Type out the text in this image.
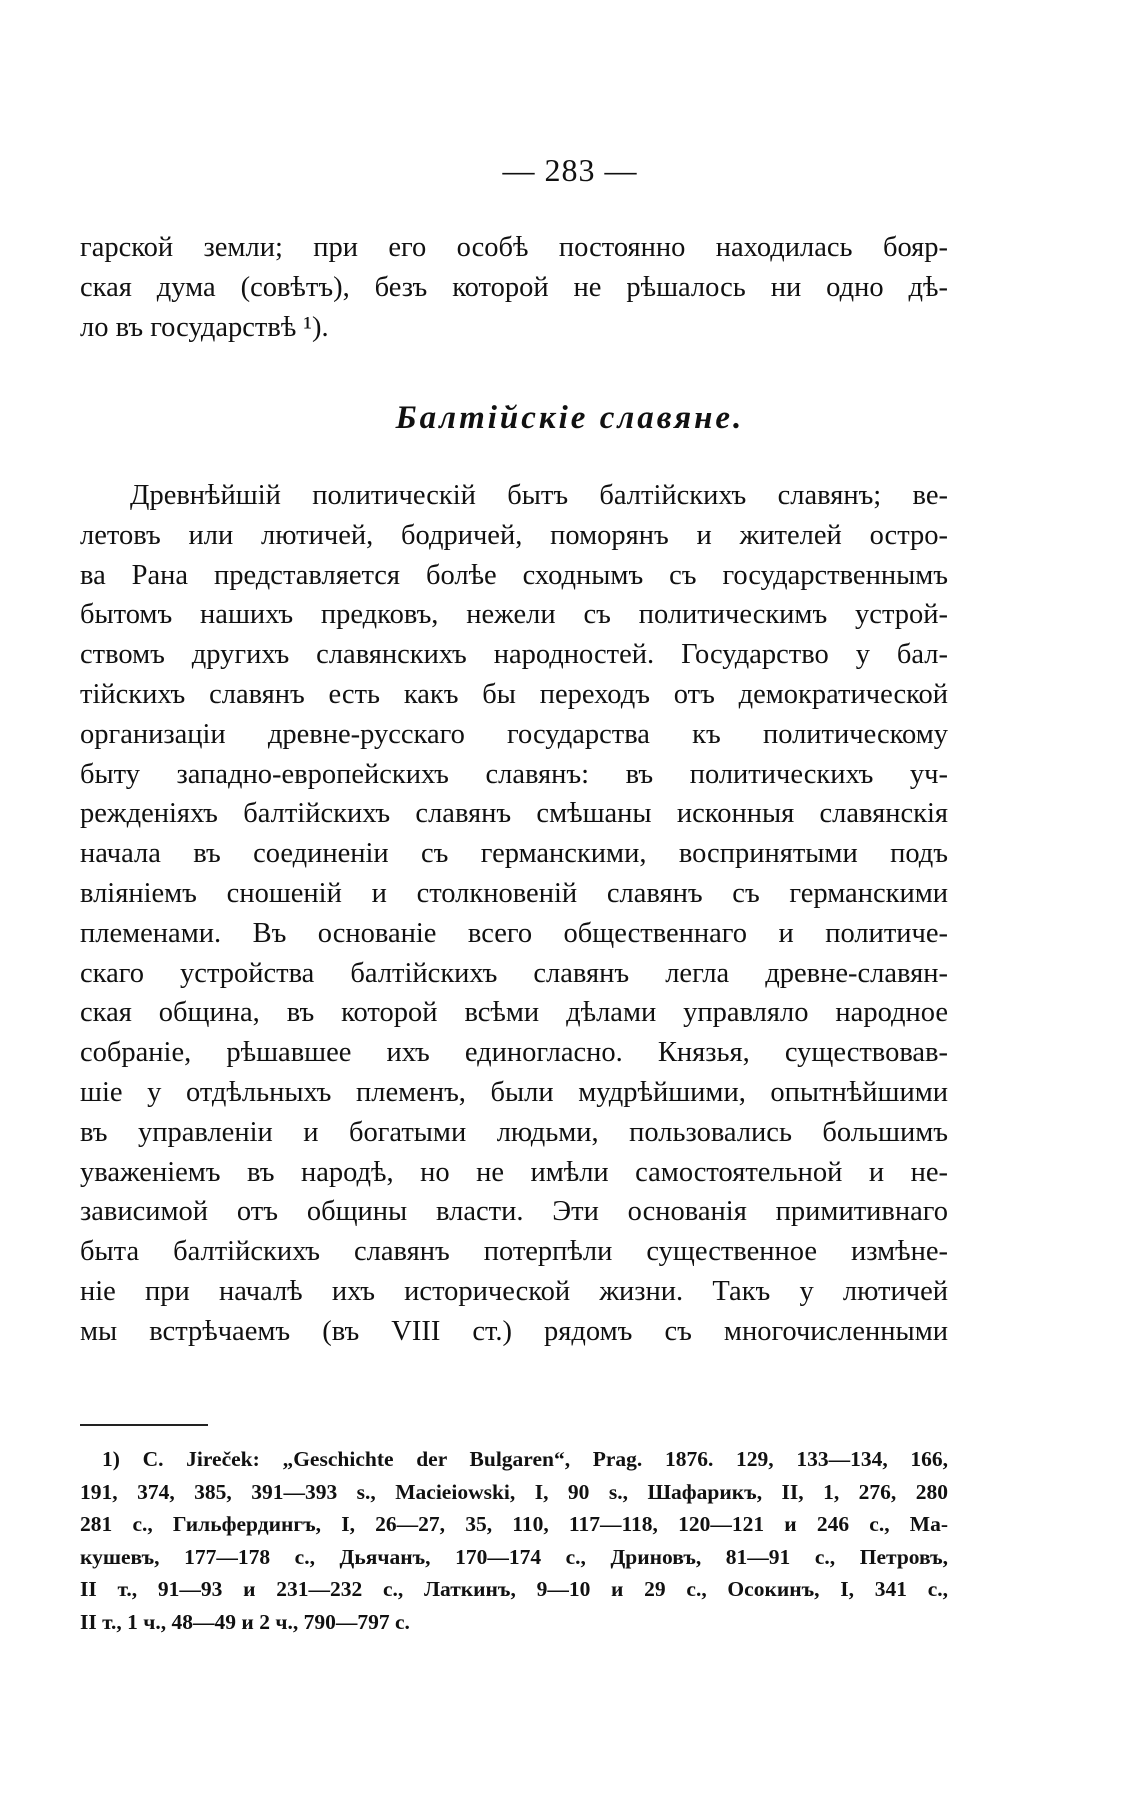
— 283 —
гарской земли; при его особѣ постоянно находилась бояр-
ская дума (совѣтъ), безъ которой не рѣшалось ни одно дѣ-
ло въ государствѣ ¹).
Балтійскіе славяне.
Древнѣйшій политическій бытъ балтійскихъ славянъ; ве-
летовъ или лютичей, бодричей, поморянъ и жителей остро-
ва Рана представляется болѣе сходнымъ съ государственнымъ
бытомъ нашихъ предковъ, нежели съ политическимъ устрой-
ствомъ другихъ славянскихъ народностей. Государство у бал-
тійскихъ славянъ есть какъ бы переходъ отъ демократической
организаціи древне-русскаго государства къ политическому
быту западно-европейскихъ славянъ: въ политическихъ уч-
режденіяхъ балтійскихъ славянъ смѣшаны исконныя славянскія
начала въ соединеніи съ германскими, воспринятыми подъ
вліяніемъ сношеній и столкновеній славянъ съ германскими
племенами. Въ основаніе всего общественнаго и политиче-
скаго устройства балтійскихъ славянъ легла древне-славян-
ская община, въ которой всѣми дѣлами управляло народное
собраніе, рѣшавшее ихъ единогласно. Князья, существовав-
шіе у отдѣльныхъ племенъ, были мудрѣйшими, опытнѣйшими
въ управленіи и богатыми людьми, пользовались большимъ
уваженіемъ въ народѣ, но не имѣли самостоятельной и не-
зависимой отъ общины власти. Эти основанія примитивнаго
быта балтійскихъ славянъ потерпѣли существенное измѣне-
ніе при началѣ ихъ исторической жизни. Такъ у лютичей
мы встрѣчаемъ (въ VIII ст.) рядомъ съ многочисленными
1) C. Jireček: „Geschichte der Bulgaren“, Prag. 1876. 129, 133—134, 166,
191, 374, 385, 391—393 s., Macieiowski, I, 90 s., Шафарикъ, II, 1, 276, 280
281 с., Гильфердингъ, I, 26—27, 35, 110, 117—118, 120—121 и 246 с., Ма-
кушевъ, 177—178 с., Дьячанъ, 170—174 с., Дриновъ, 81—91 с., Петровъ,
II т., 91—93 и 231—232 с., Латкинъ, 9—10 и 29 с., Осокинъ, I, 341 с.,
II т., 1 ч., 48—49 и 2 ч., 790—797 с.
